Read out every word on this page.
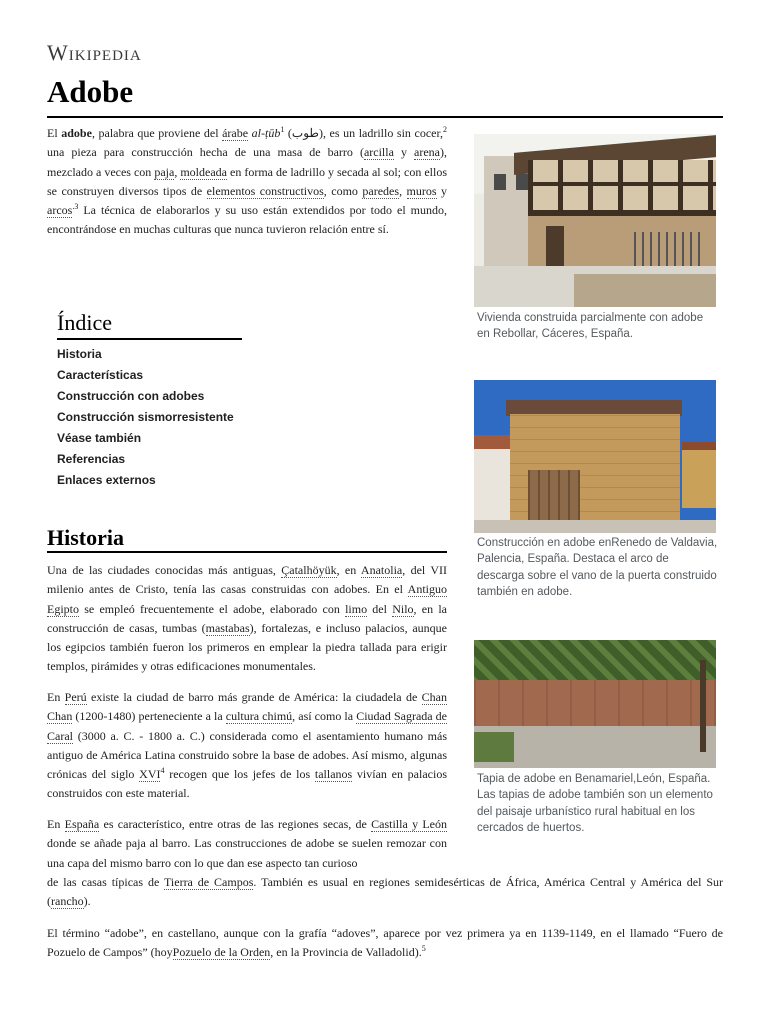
Wikipedia
Adobe

El adobe, palabra que proviene del árabe al-ṭūb$^1$ (طوب), es un ladrillo sin cocer,$^2$ una pieza para construcción hecha de una masa de barro (arcilla y arena), mezclado a veces con paja, moldeada en forma de ladrillo y secada al sol; con ellos se construyen diversos tipos de elementos constructivos, como paredes, muros y arcos$^{.3}$ La técnica de elaborarlos y su uso están extendidos por todo el mundo, encontrándose en muchas culturas que nunca tuvieron relación entre sí.

Índice
Historia
Características
Construcción con adobes
Construcción sismorresistente
Véase también
Referencias
Enlaces externos
Historia

Una de las ciudades conocidas más antiguas, Çatalhöyük, en Anatolia, del VII milenio antes de Cristo, tenía las casas construidas con adobes. En el Antiguo Egipto se empleó frecuentemente el adobe, elaborado con limo del Nilo, en la construcción de casas, tumbas (mastabas), fortalezas, e incluso palacios, aunque los egipcios también fueron los primeros en emplear la piedra tallada para erigir templos, pirámides y otras edificaciones monumentales.

En Perú existe la ciudad de barro más grande de América: la ciudadela de Chan Chan (1200-1480) perteneciente a la cultura chimú, así como la Ciudad Sagrada de Caral (3000 a. C. - 1800 a. C.) considerada como el asentamiento humano más antiguo de América Latina construido sobre la base de adobes. Así mismo, algunas crónicas del siglo XVI$^4$ recogen que los jefes de los tallanos vivían en palacios construidos con este material.

En España es característico, entre otras de las regiones secas, de Castilla y León donde se añade paja al barro. Las construcciones de adobe se suelen remozar con una capa del mismo barro con lo que dan ese aspecto tan curioso

de las casas típicas de Tierra de Campos. También es usual en regiones semidesérticas de África, América Central y América del Sur (rancho).

El término “adobe”, en castellano, aunque con la grafía “adoves”, aparece por vez primera ya en 1139-1149, en el llamado “Fuero de Pozuelo de Campos” (hoyPozuelo de la Orden, en la Provincia de Valladolid).$^5$

Vivienda construida parcialmente con adobe en Rebollar, Cáceres, España.

Construcción en adobe enRenedo de Valdavia, Palencia, España. Destaca el arco de descarga sobre el vano de la puerta construido también en adobe.

Tapia de adobe en Benamariel,León, España. Las tapias de adobe también son un elemento del paisaje urbanístico rural habitual en los cercados de huertos.
